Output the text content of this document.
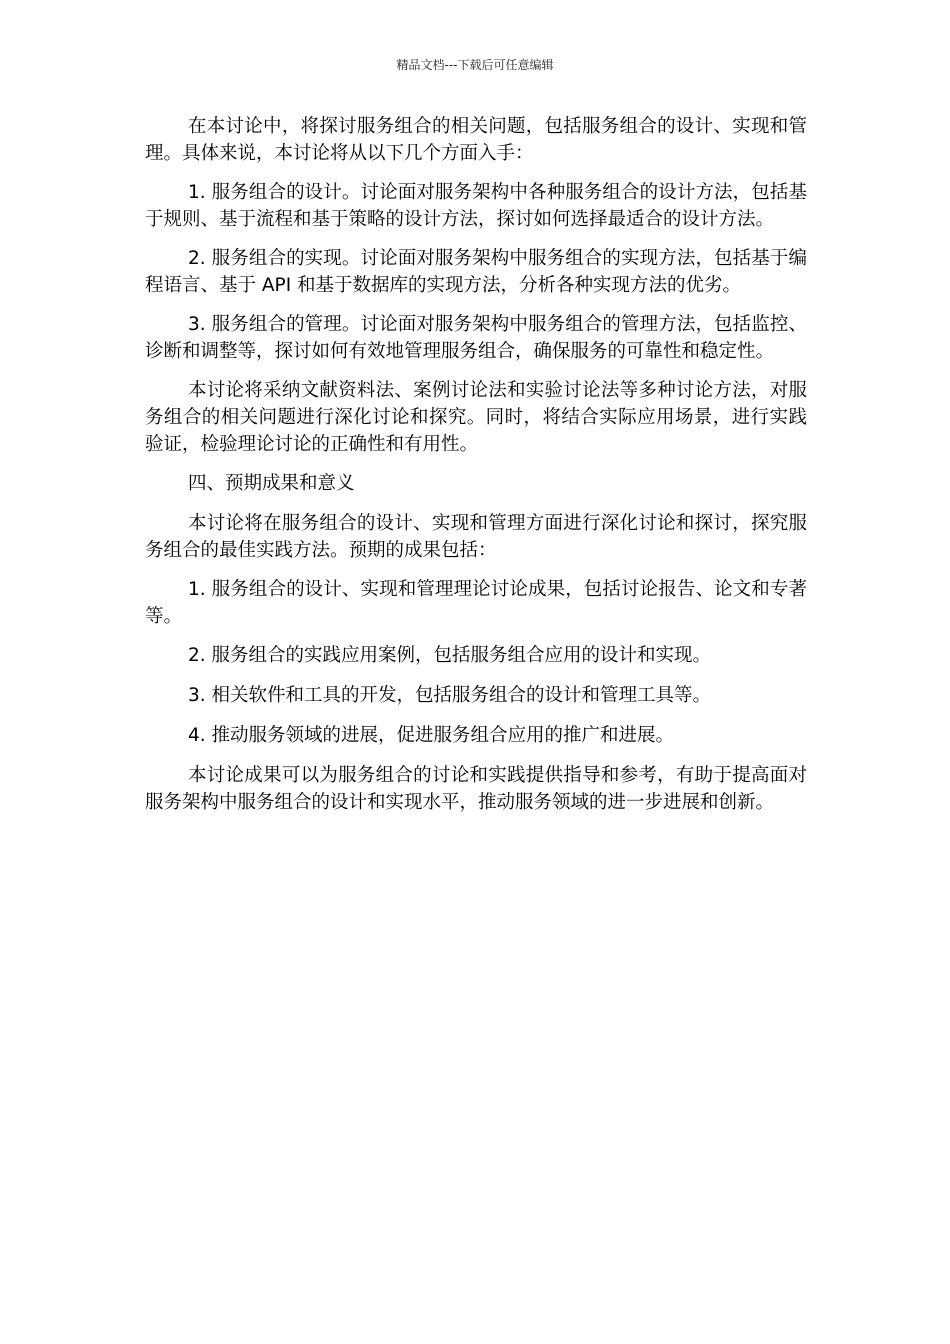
精品文档---下载后可任意编辑

在本讨论中，将探讨服务组合的相关问题，包括服务组合的设计、实现和管理。具体来说，本讨论将从以下几个方面入手：

1. 服务组合的设计。讨论面对服务架构中各种服务组合的设计方法，包括基于规则、基于流程和基于策略的设计方法，探讨如何选择最适合的设计方法。

2. 服务组合的实现。讨论面对服务架构中服务组合的实现方法，包括基于编程语言、基于 API 和基于数据库的实现方法，分析各种实现方法的优劣。

3. 服务组合的管理。讨论面对服务架构中服务组合的管理方法，包括监控、诊断和调整等，探讨如何有效地管理服务组合，确保服务的可靠性和稳定性。

本讨论将采纳文献资料法、案例讨论法和实验讨论法等多种讨论方法，对服务组合的相关问题进行深化讨论和探究。同时，将结合实际应用场景，进行实践验证，检验理论讨论的正确性和有用性。

四、预期成果和意义

本讨论将在服务组合的设计、实现和管理方面进行深化讨论和探讨，探究服务组合的最佳实践方法。预期的成果包括：

1. 服务组合的设计、实现和管理理论讨论成果，包括讨论报告、论文和专著等。

2. 服务组合的实践应用案例，包括服务组合应用的设计和实现。

3. 相关软件和工具的开发，包括服务组合的设计和管理工具等。

4. 推动服务领域的进展，促进服务组合应用的推广和进展。

本讨论成果可以为服务组合的讨论和实践提供指导和参考，有助于提高面对服务架构中服务组合的设计和实现水平，推动服务领域的进一步进展和创新。
